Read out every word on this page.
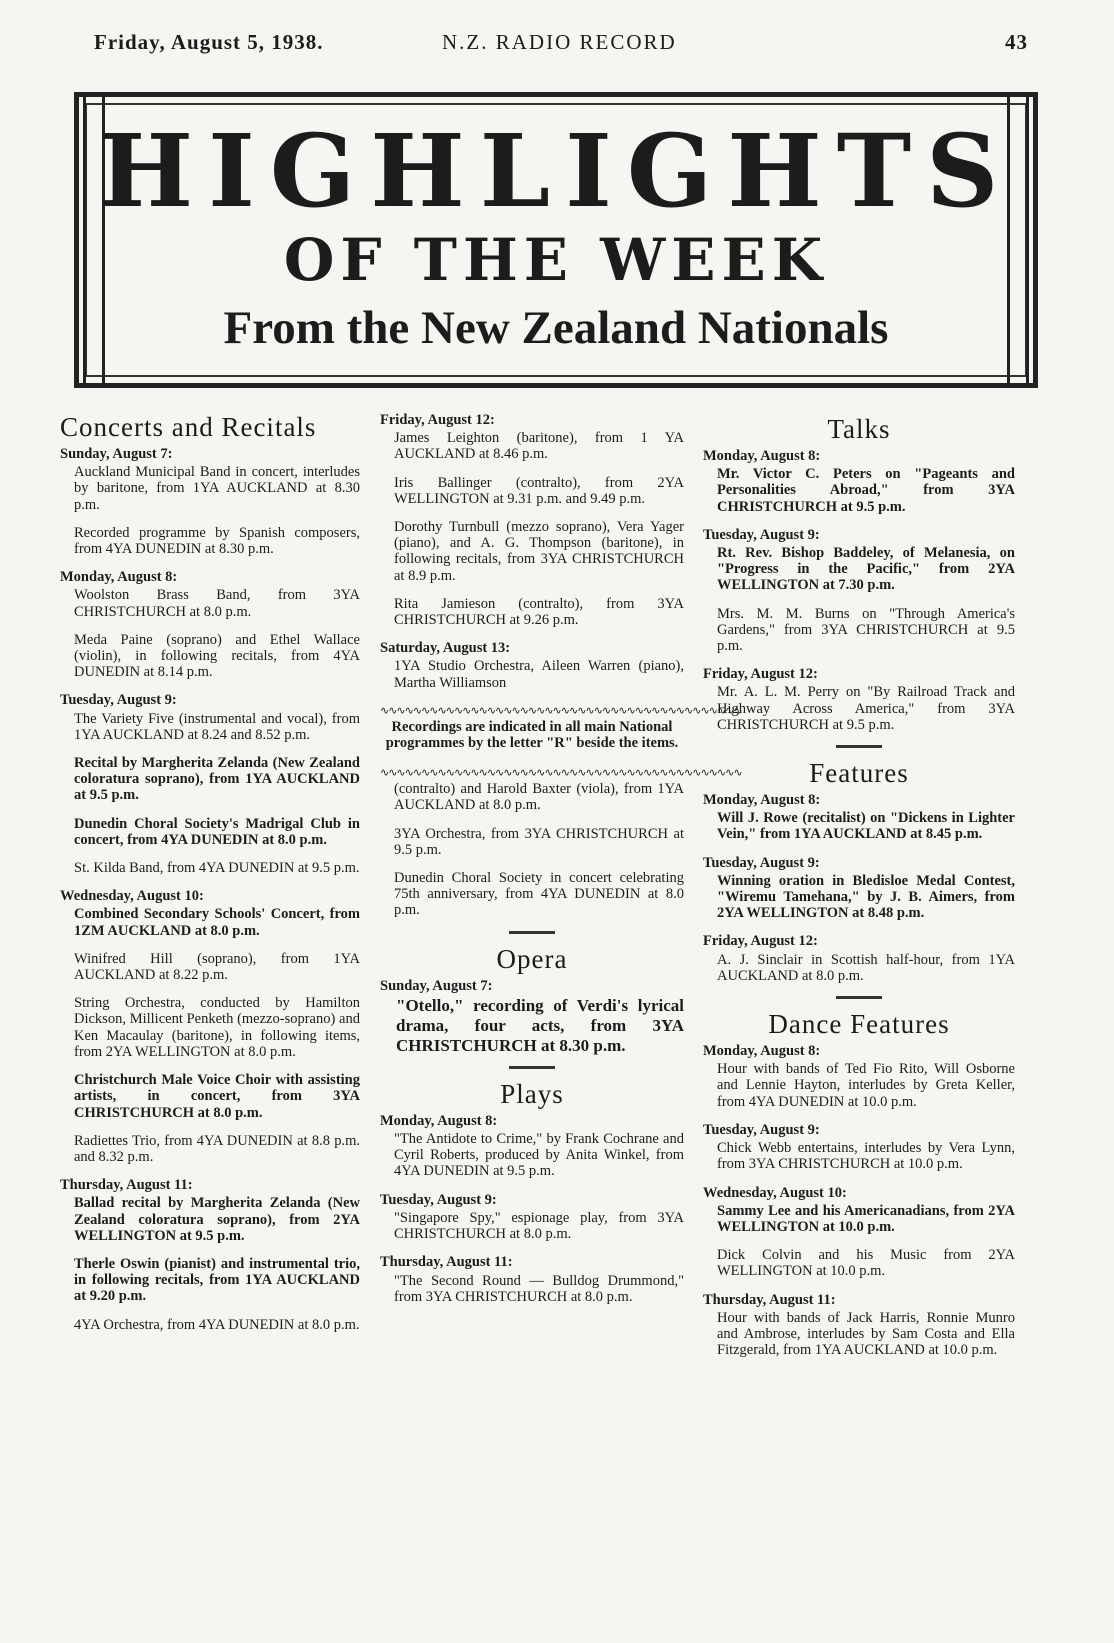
Friday, August 5, 1938.	N.Z. RADIO RECORD	43
HIGHLIGHTS
OF THE WEEK
From the New Zealand Nationals
Concerts and Recitals
Sunday, August 7:
Auckland Municipal Band in concert, interludes by baritone, from 1YA AUCKLAND at 8.30 p.m.
Recorded programme by Spanish composers, from 4YA DUNEDIN at 8.30 p.m.
Monday, August 8:
Woolston Brass Band, from 3YA CHRISTCHURCH at 8.0 p.m.
Meda Paine (soprano) and Ethel Wallace (violin), in following recitals, from 4YA DUNEDIN at 8.14 p.m.
Tuesday, August 9:
The Variety Five (instrumental and vocal), from 1YA AUCKLAND at 8.24 and 8.52 p.m.
Recital by Margherita Zelanda (New Zealand coloratura soprano), from 1YA AUCKLAND at 9.5 p.m.
Dunedin Choral Society's Madrigal Club in concert, from 4YA DUNEDIN at 8.0 p.m.
St. Kilda Band, from 4YA DUNEDIN at 9.5 p.m.
Wednesday, August 10:
Combined Secondary Schools' Concert, from 1ZM AUCKLAND at 8.0 p.m.
Winifred Hill (soprano), from 1YA AUCKLAND at 8.22 p.m.
String Orchestra, conducted by Hamilton Dickson, Millicent Penketh (mezzo-soprano) and Ken Macaulay (baritone), in following items, from 2YA WELLINGTON at 8.0 p.m.
Christchurch Male Voice Choir with assisting artists, in concert, from 3YA CHRISTCHURCH at 8.0 p.m.
Radiettes Trio, from 4YA DUNEDIN at 8.8 p.m. and 8.32 p.m.
Thursday, August 11:
Ballad recital by Margherita Zelanda (New Zealand coloratura soprano), from 2YA WELLINGTON at 9.5 p.m.
Therle Oswin (pianist) and instrumental trio, in following recitals, from 1YA AUCKLAND at 9.20 p.m.
4YA Orchestra, from 4YA DUNEDIN at 8.0 p.m.
Friday, August 12:
James Leighton (baritone), from 1 YA AUCKLAND at 8.46 p.m.
Iris Ballinger (contralto), from 2YA WELLINGTON at 9.31 p.m. and 9.49 p.m.
Dorothy Turnbull (mezzo soprano), Vera Yager (piano), and A. G. Thompson (baritone), in following recitals, from 3YA CHRISTCHURCH at 8.9 p.m.
Rita Jamieson (contralto), from 3YA CHRISTCHURCH at 9.26 p.m.
Saturday, August 13:
1YA Studio Orchestra, Aileen Warren (piano), Martha Williamson
∿∿∿∿∿∿∿∿∿∿∿∿∿∿∿∿∿∿∿∿∿∿∿∿∿∿∿∿∿∿∿∿∿∿∿∿∿∿∿∿∿∿∿∿
Recordings are indicated in all main National programmes by the letter "R" beside the items.
∿∿∿∿∿∿∿∿∿∿∿∿∿∿∿∿∿∿∿∿∿∿∿∿∿∿∿∿∿∿∿∿∿∿∿∿∿∿∿∿∿∿∿∿
(contralto) and Harold Baxter (viola), from 1YA AUCKLAND at 8.0 p.m.
3YA Orchestra, from 3YA CHRISTCHURCH at 9.5 p.m.
Dunedin Choral Society in concert celebrating 75th anniversary, from 4YA DUNEDIN at 8.0 p.m.
Opera
Sunday, August 7:
"Otello," recording of Verdi's lyrical drama, four acts, from 3YA CHRISTCHURCH at 8.30 p.m.
Plays
Monday, August 8:
"The Antidote to Crime," by Frank Cochrane and Cyril Roberts, produced by Anita Winkel, from 4YA DUNEDIN at 9.5 p.m.
Tuesday, August 9:
"Singapore Spy," espionage play, from 3YA CHRISTCHURCH at 8.0 p.m.
Thursday, August 11:
"The Second Round — Bulldog Drummond," from 3YA CHRISTCHURCH at 8.0 p.m.
Talks
Monday, August 8:
Mr. Victor C. Peters on "Pageants and Personalities Abroad," from 3YA CHRISTCHURCH at 9.5 p.m.
Tuesday, August 9:
Rt. Rev. Bishop Baddeley, of Melanesia, on "Progress in the Pacific," from 2YA WELLINGTON at 7.30 p.m.
Mrs. M. M. Burns on "Through America's Gardens," from 3YA CHRISTCHURCH at 9.5 p.m.
Friday, August 12:
Mr. A. L. M. Perry on "By Railroad Track and Highway Across America," from 3YA CHRISTCHURCH at 9.5 p.m.
Features
Monday, August 8:
Will J. Rowe (recitalist) on "Dickens in Lighter Vein," from 1YA AUCKLAND at 8.45 p.m.
Tuesday, August 9:
Winning oration in Bledisloe Medal Contest, "Wiremu Tamehana," by J. B. Aimers, from 2YA WELLINGTON at 8.48 p.m.
Friday, August 12:
A. J. Sinclair in Scottish half-hour, from 1YA AUCKLAND at 8.0 p.m.
Dance Features
Monday, August 8:
Hour with bands of Ted Fio Rito, Will Osborne and Lennie Hayton, interludes by Greta Keller, from 4YA DUNEDIN at 10.0 p.m.
Tuesday, August 9:
Chick Webb entertains, interludes by Vera Lynn, from 3YA CHRISTCHURCH at 10.0 p.m.
Wednesday, August 10:
Sammy Lee and his Americanadians, from 2YA WELLINGTON at 10.0 p.m.
Dick Colvin and his Music from 2YA WELLINGTON at 10.0 p.m.
Thursday, August 11:
Hour with bands of Jack Harris, Ronnie Munro and Ambrose, interludes by Sam Costa and Ella Fitzgerald, from 1YA AUCKLAND at 10.0 p.m.
